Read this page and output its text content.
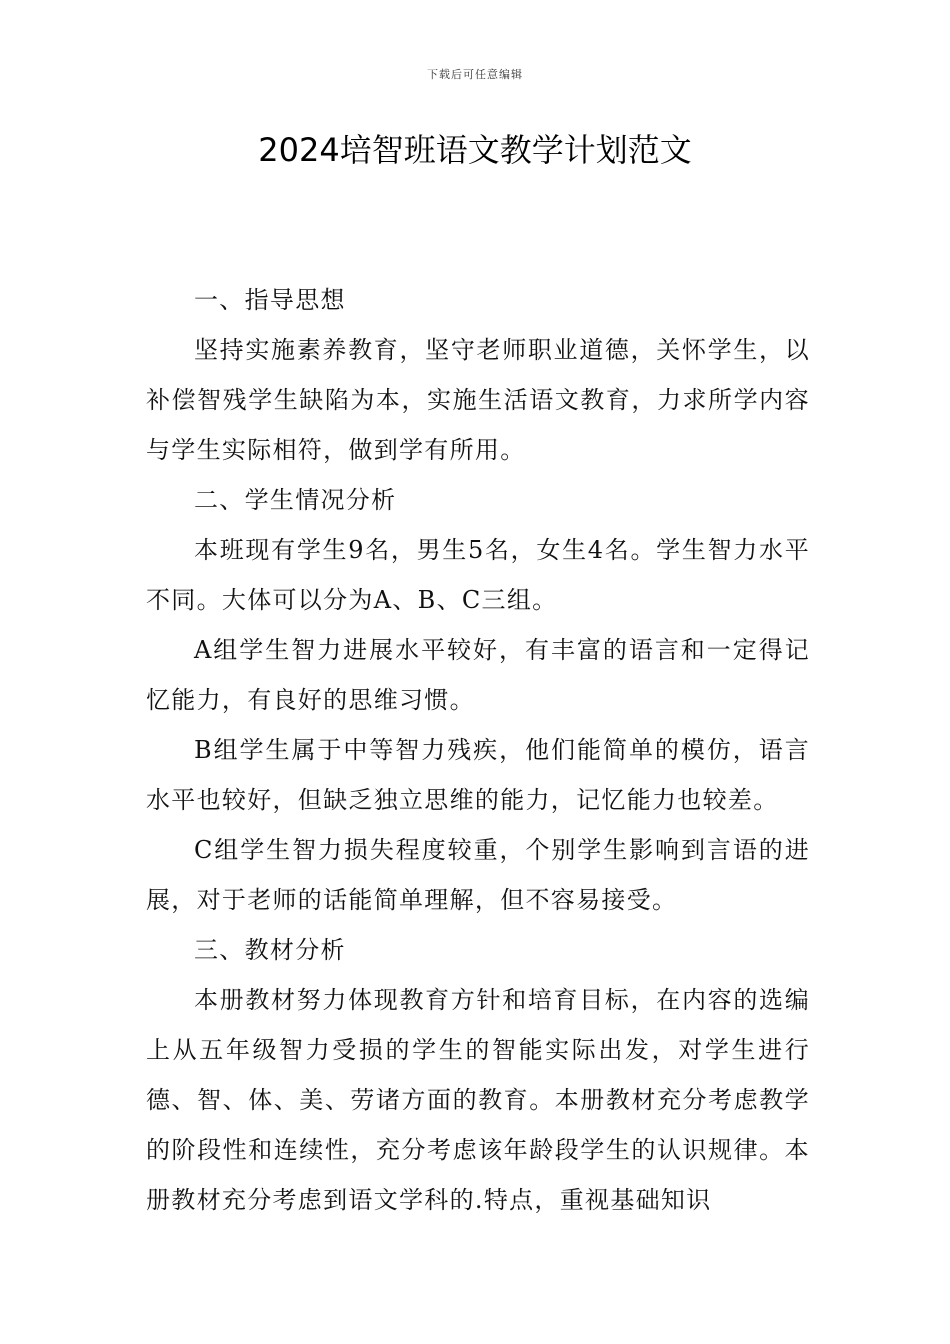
下载后可任意编辑
2024培智班语文教学计划范文

一、指导思想

坚持实施素养教育，坚守老师职业道德，关怀学生，以补偿智残学生缺陷为本，实施生活语文教育，力求所学内容与学生实际相符，做到学有所用。

二、学生情况分析

本班现有学生9名，男生5名，女生4名。学生智力水平不同。大体可以分为A、B、C三组。

A组学生智力进展水平较好，有丰富的语言和一定得记忆能力，有良好的思维习惯。

B组学生属于中等智力残疾，他们能简单的模仿，语言水平也较好，但缺乏独立思维的能力，记忆能力也较差。

C组学生智力损失程度较重，个别学生影响到言语的进展，对于老师的话能简单理解，但不容易接受。

三、教材分析

本册教材努力体现教育方针和培育目标，在内容的选编上从五年级智力受损的学生的智能实际出发，对学生进行德、智、体、美、劳诸方面的教育。本册教材充分考虑教学的阶段性和连续性，充分考虑该年龄段学生的认识规律。本册教材充分考虑到语文学科的.特点，重视基础知识
